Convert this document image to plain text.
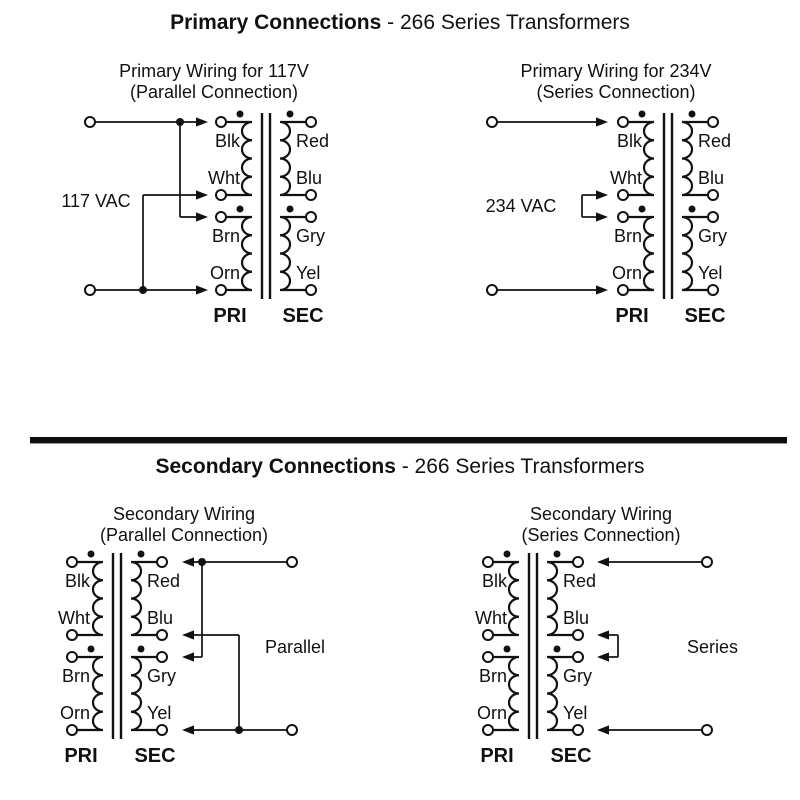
Primary Connections - 266 Series Transformers
Primary Wiring for 117V
(Parallel Connection)
Blk
Wht
Brn
Orn
Red
Blu
Gry
Yel
PRI SEC
117 VAC
Primary Wiring for 234V
(Series Connection)
Blk
Wht
Brn
Orn
Red
Blu
Gry
Yel
PRI SEC
234 VAC
Secondary Connections - 266 Series Transformers
Secondary Wiring
(Parallel Connection)
Blk
Wht
Brn
Orn
Red
Blu
Gry
Yel
PRI SEC
Parallel
Secondary Wiring
(Series Connection)
Blk
Wht
Brn
Orn
Red
Blu
Gry
Yel
PRI SEC
Series
